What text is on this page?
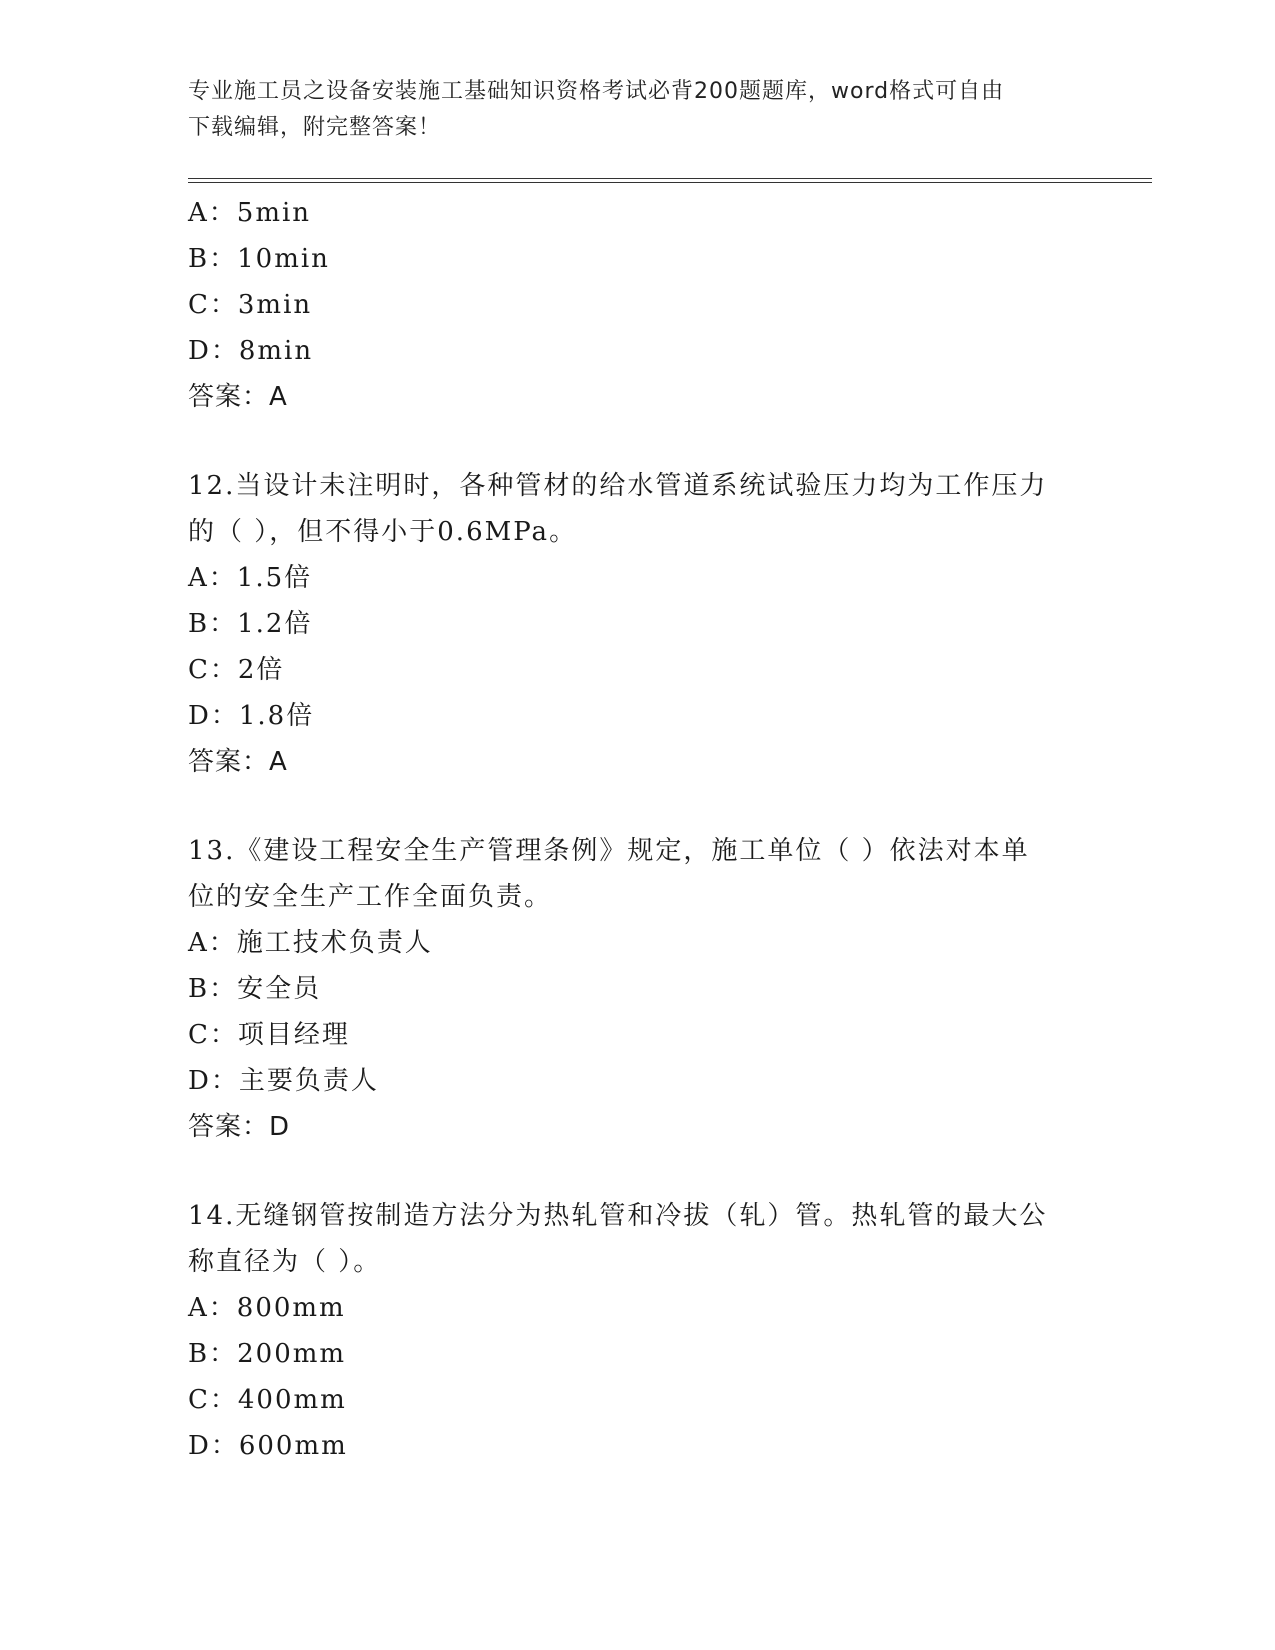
专业施工员之设备安装施工基础知识资格考试必背200题题库，word格式可自由
下载编辑，附完整答案！
A：5min
B：10min
C：3min
D：8min
答案：A
12.当设计未注明时，各种管材的给水管道系统试验压力均为工作压力
的（ ），但不得小于0.6MPa。
A：1.5倍
B：1.2倍
C：2倍
D：1.8倍
答案：A
13.《建设工程安全生产管理条例》规定，施工单位（ ）依法对本单
位的安全生产工作全面负责。
A：施工技术负责人
B：安全员
C：项目经理
D：主要负责人
答案：D
14.无缝钢管按制造方法分为热轧管和冷拔（轧）管。热轧管的最大公
称直径为（ ）。
A：800mm
B：200mm
C：400mm
D：600mm
